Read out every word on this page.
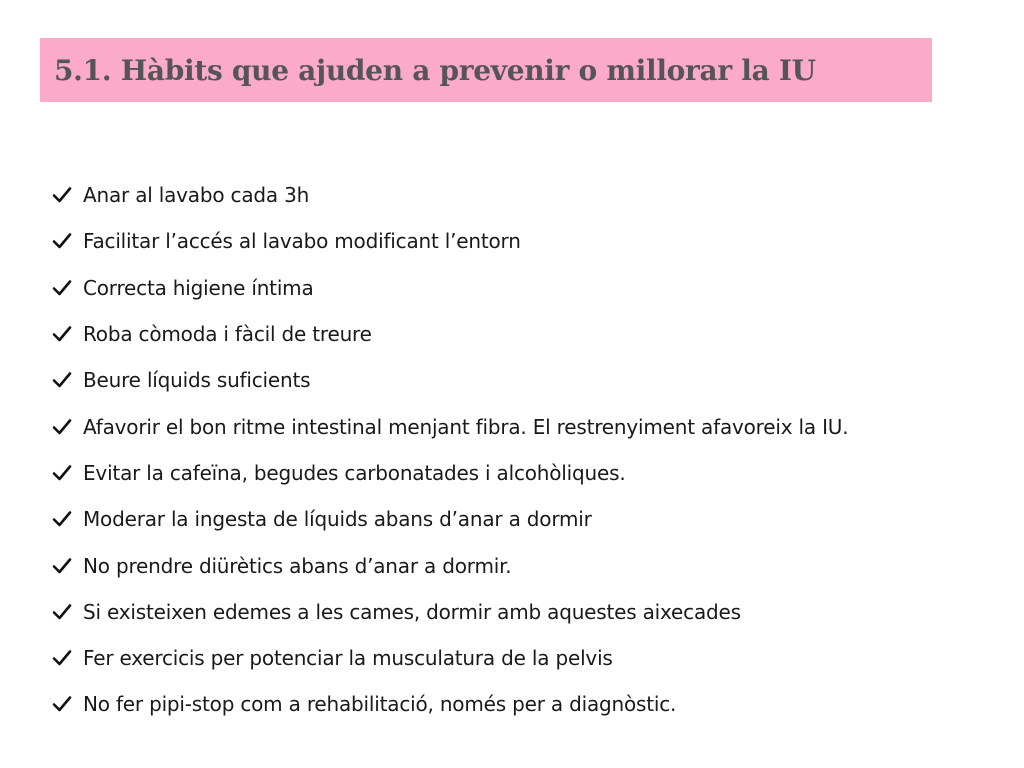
5.1. Hàbits que ajuden a prevenir o millorar la IU
Anar al lavabo cada 3h
Facilitar l’accés al lavabo modificant l’entorn
Correcta higiene íntima
Roba còmoda i fàcil de treure
Beure líquids suficients
Afavorir el bon ritme intestinal menjant fibra. El restrenyiment afavoreix la IU.
Evitar la cafeïna, begudes carbonatades i alcohòliques.
Moderar la ingesta de líquids abans d’anar a dormir
No prendre diürètics abans d’anar a dormir.
Si existeixen edemes a les cames, dormir amb aquestes aixecades
Fer exercicis per potenciar la musculatura de la pelvis
No fer pipi-stop com a rehabilitació, només per a diagnòstic.
